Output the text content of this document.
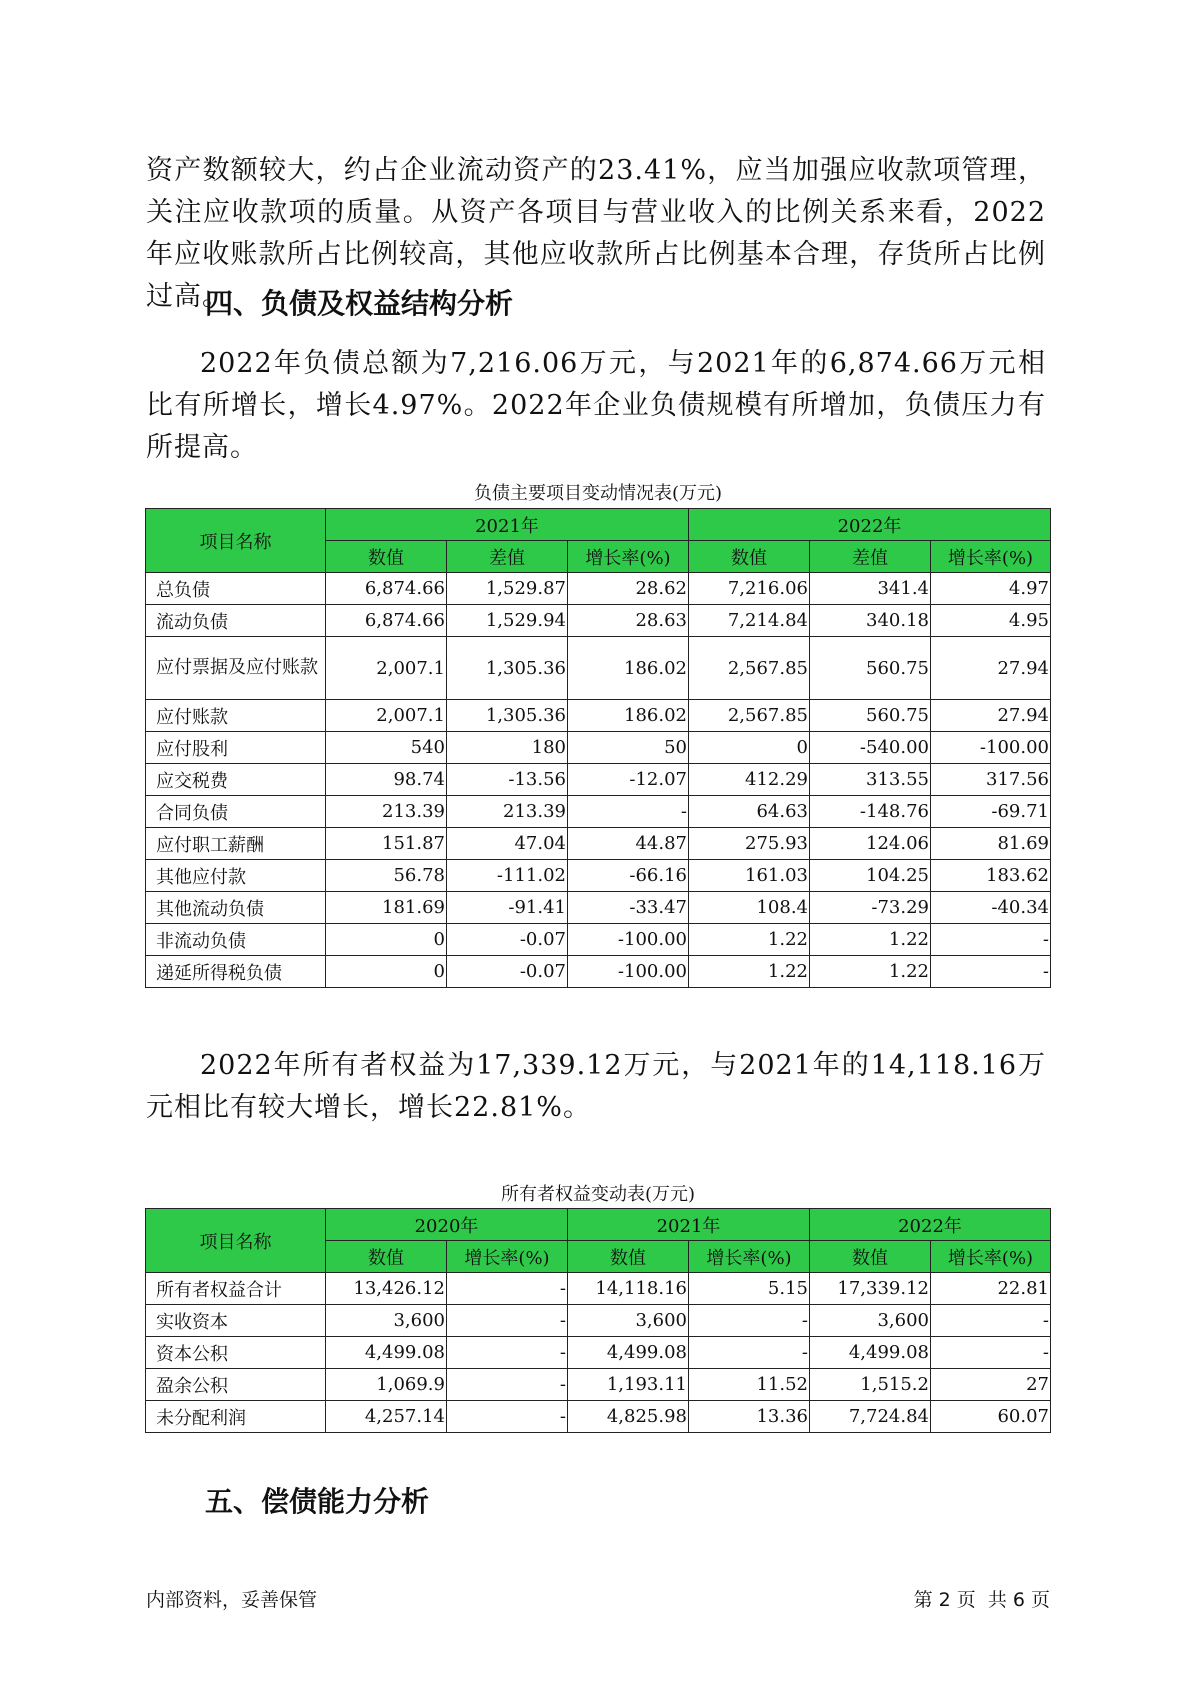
资产数额较大，约占企业流动资产的23.41%，应当加强应收款项管理，关注应收款项的质量。从资产各项目与营业收入的比例关系来看，2022年应收账款所占比例较高，其他应收款所占比例基本合理，存货所占比例过高。

四、负债及权益结构分析

2022年负债总额为7,216.06万元，与2021年的6,874.66万元相比有所增长，增长4.97%。2022年企业负债规模有所增加，负债压力有所提高。

负债主要项目变动情况表(万元)

项目名称	2021年			2022年		
	数值	差值	增长率(%)	数值	差值	增长率(%)
总负债	6,874.66	1,529.87	28.62	7,216.06	341.4	4.97
流动负债	6,874.66	1,529.94	28.63	7,214.84	340.18	4.95
应付票据及应付账款	2,007.1	1,305.36	186.02	2,567.85	560.75	27.94
应付账款	2,007.1	1,305.36	186.02	2,567.85	560.75	27.94
应付股利	540	180	50	0	-540.00	-100.00
应交税费	98.74	-13.56	-12.07	412.29	313.55	317.56
合同负债	213.39	213.39	-	64.63	-148.76	-69.71
应付职工薪酬	151.87	47.04	44.87	275.93	124.06	81.69
其他应付款	56.78	-111.02	-66.16	161.03	104.25	183.62
其他流动负债	181.69	-91.41	-33.47	108.4	-73.29	-40.34
非流动负债	0	-0.07	-100.00	1.22	1.22	-
递延所得税负债	0	-0.07	-100.00	1.22	1.22	-

2022年所有者权益为17,339.12万元，与2021年的14,118.16万元相比有较大增长，增长22.81%。

所有者权益变动表(万元)

项目名称	2020年		2021年		2022年	
	数值	增长率(%)	数值	增长率(%)	数值	增长率(%)
所有者权益合计	13,426.12	-	14,118.16	5.15	17,339.12	22.81
实收资本	3,600	-	3,600	-	3,600	-
资本公积	4,499.08	-	4,499.08	-	4,499.08	-
盈余公积	1,069.9	-	1,193.11	11.52	1,515.2	27
未分配利润	4,257.14	-	4,825.98	13.36	7,724.84	60.07
五、偿债能力分析

内部资料，妥善保管	第 2 页  共 6 页
